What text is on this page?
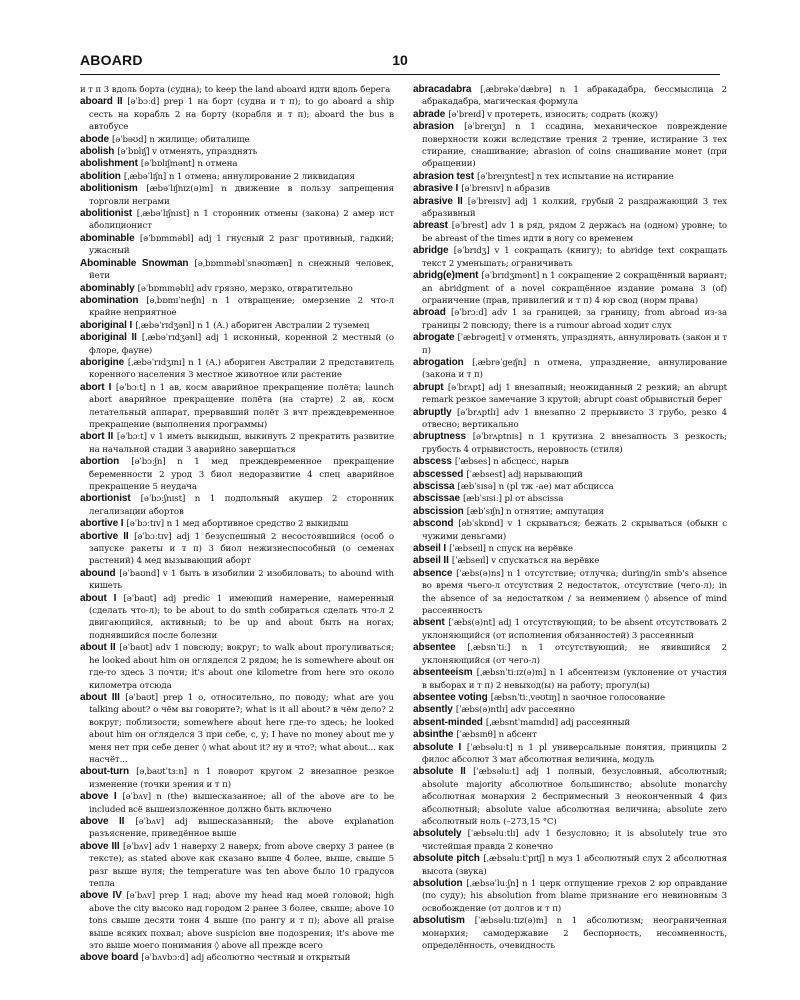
ABOARD	10

и т п 3 вдоль борта (судна); to keep the land aboard идти вдоль берега

aboard II [əˈbɔːd] prep 1 на борт (судна и т п); to go aboard a ship сесть на корабль 2 на борту (корабля и т п); aboard the bus в автобусе

abode [əˈbəʊd] n жилище; обиталище

abolish [əˈbɒlɪʃ] v отменять, упразднять

abolishment [əˈbɒlɪʃmənt] n отмена

abolition [ˌæbəˈlɪʃn] n 1 отмена; аннулирование 2 ликвидация

abolitionism [æbəˈlɪʃnɪz(ə)m] n движение в пользу запрещения торговли неграми

abolitionist [ˌæbəˈlɪʃnɪst] n 1 сторонник отмены (закона) 2 амер ист аболиционист

abominable [əˈbɒmɪnəbl] adj 1 гнусный 2 разг противный, гадкий; ужасный

Abominable Snowman [əˌbɒmɪnəblˈsnəʊmæn] n снежный человек, йети

abominably [əˈbɒmɪnəblɪ] adv грязно, мерзко, отвратительно

abomination [əˌbɒmɪˈneɪʃn] n 1 отвращение; омерзение 2 что-л крайне неприятное

aboriginal I [ˌæbəˈrɪdʒənl] n 1 (A.) абориген Австралии 2 туземец

aboriginal II [ˌæbəˈrɪdʒənl] adj 1 исконный, коренной 2 местный (о флоре, фауне)

aborigine [ˌæbəˈrɪdʒɪnɪ] n 1 (A.) абориген Австралии 2 представитель коренного населения 3 местное животное или растение

abort I [əˈbɔːt] n 1 ав, косм аварийное прекращение полёта; launch abort аварийное прекращение полёта (на старте) 2 ав, косм летательный аппарат, прервавший полёт 3 вчт преждевременное прекращение (выполнения программы)

abort II [əˈbɔːt] v 1 иметь выкидыш, выкинуть 2 прекратить развитие на начальной стадии 3 аварийно завершаться

abortion [əˈbɔːʃn] n 1 мед преждевременное прекращение беременности 2 урод 3 биол недоразвитие 4 спец аварийное прекращение 5 неудача

abortionist [əˈbɔːʃnɪst] n 1 подпольный акушер 2 сторонник легализации абортов

abortive I [əˈbɔːtɪv] n 1 мед абортивное средство 2 выкидыш

abortive II [əˈbɔːtɪv] adj 1 безуспешный 2 несостоявшийся (особ о запуске ракеты и т п) 3 биол нежизнеспособный (о семенах растений) 4 мед вызывающий аборт

abound [əˈbaʊnd] v 1 быть в изобилии 2 изобиловать; to abound with кишеть

about I [əˈbaʊt] adj predic 1 имеющий намерение, намеренный (сделать что-л); to be about to do smth собираться сделать что-л 2 двигающийся, активный; to be up and about быть на ногах; поднявшийся после болезни

about II [əˈbaʊt] adv 1 повсюду; вокруг; to walk about прогуливаться; he looked about him он огляделся 2 рядом; he is somewhere about он где-то здесь 3 почти; it's about one kilometre from here это около километра отсюда

about III [əˈbaʊt] prep 1 о, относительно, по поводу; what are you talking about? о чём вы говорите?; what is it all about? в чём дело? 2 вокруг; поблизости; somewhere about here где-то здесь; he looked about him он огляделся 3 при себе, с, у; I have no money about me у меня нет при себе денег ◊ what about it? ну и что?; what about... как насчёт...

about-turn [əˌbaʊtˈtɜːn] n 1 поворот кругом 2 внезапное резкое изменение (точки зрения и т п)

above I [əˈbʌv] n (the) вышесказанное; all of the above are to be included всё вышеизложенное должно быть включено

above II [əˈbʌv] adj вышесказанный; the above explanation разъяснение, приведённое выше

above III [əˈbʌv] adv 1 наверху 2 наверх; from above сверху 3 ранее (в тексте); as stated above как сказано выше 4 более, выше, свыше 5 разг выше нуля; the temperature was ten above было 10 градусов тепла

above IV [əˈbʌv] prep 1 над; above my head над моей головой; high above the city высоко над городом 2 ранее 3 более, свыше; above 10 tons свыше десяти тонн 4 выше (по рангу и т п); above all praise выше всяких похвал; above suspicion вне подозрения; it's above me это выше моего понимания ◊ above all прежде всего

above board [əˈbʌvbɔːd] adj абсолютно честный и открытый

abracadabra [ˌæbrəkəˈdæbrə] n 1 абракадабра, бессмыслица 2 абракадабра, магическая формула

abrade [əˈbreɪd] v протереть, износить; содрать (кожу)

abrasion [əˈbreɪʒn] n 1 ссадина, механическое повреждение поверхности кожи вследствие трения 2 трение, истирание 3 тех стирание, снашивание; abrasion of coins снашивание монет (при обращении)

abrasion test [əˈbreɪʒntest] n тех испытание на истирание

abrasive I [əˈbreɪsɪv] n абразив

abrasive II [əˈbreɪsɪv] adj 1 колкий, грубый 2 раздражающий 3 тех абразивный

abreast [əˈbrest] adv 1 в ряд, рядом 2 держась на (одном) уровне; to be abreast of the times идти в ногу со временем

abridge [əˈbrɪdʒ] v 1 сокращать (книгу); to abridge text сокращать текст 2 уменьшать; ограничивать

abridg(e)ment [əˈbrɪdʒmənt] n 1 сокращение 2 сокращённый вариант; an abridgment of a novel сокращённое издание романа 3 (of) ограничение (прав, привилегий и т п) 4 юр свод (норм права)

abroad [əˈbrɔːd] adv 1 за границей; за границу; from abroad из-за границы 2 повсюду; there is a rumour abroad ходит слух

abrogate [ˈæbrəgeɪt] v отменять, упразднять, аннулировать (закон и т п)

abrogation [ˌæbrəˈgeɪʃn] n отмена, упразднение, аннулирование (закона и т п)

abrupt [əˈbrʌpt] adj 1 внезапный; неожиданный 2 резкий; an abrupt remark резкое замечание 3 крутой; abrupt coast обрывистый берег

abruptly [əˈbrʌptlɪ] adv 1 внезапно 2 прерывисто 3 грубо, резко 4 отвесно; вертикально

abruptness [əˈbrʌptnɪs] n 1 крутизна 2 внезапность 3 резкость; грубость 4 отрывистость, неровность (стиля)

abscess [ˈæbses] n абсцесс, нарыв

abscessed [ˈæbsest] adj нарывающий

abscissa [æbˈsɪsə] n (pl тж -ae) мат абсцисса

abscissae [æbˈsɪsiː] pl от abscissa

abscission [æbˈsɪʃn] n отнятие; ампутация

abscond [əbˈskɒnd] v 1 скрываться; бежать 2 скрываться (обыкн с чужими деньгами)

abseil I [ˈæbseɪl] n спуск на верёвке

abseil II [ˈæbseɪl] v спускаться на верёвке

absence [ˈæbs(ə)ns] n 1 отсутствие; отлучка; during/in smb's absence во время чьего-л отсутствия 2 недостаток, отсутствие (чего-л); in the absence of за недостатком / за неимением ◊ absence of mind рассеянность

absent [ˈæbs(ə)nt] adj 1 отсутствующий; to be absent отсутствовать 2 уклоняющийся (от исполнения обязанностей) 3 рассеянный

absentee [ˌæbsnˈtiː] n 1 отсутствующий; не явившийся 2 уклоняющийся (от чего-л)

absenteeism [ˌæbsnˈtiːɪz(ə)m] n 1 абсентеизм (уклонение от участия в выборах и т п) 2 невыход(ы) на работу; прогул(ы)

absentee voting [æbsnˈtiːˌvəʊtɪŋ] n заочное голосование

absently [ˈæbs(ə)ntlɪ] adv рассеянно

absent-minded [ˌæbsntˈmaɪndɪd] adj рассеянный

absinthe [ˈæbsɪnθ] n абсент

absolute I [ˈæbsəluːt] n 1 pl универсальные понятия, принципы 2 филос абсолют 3 мат абсолютная величина, модуль

absolute II [ˈæbsəluːt] adj 1 полный, безусловный, абсолютный; absolute majority абсолютное большинство; absolute monarchy абсолютная монархия 2 беспримесный 3 неоконченный 4 физ абсолютный; absolute value абсолютная величина; absolute zero абсолютный ноль (–273,15 °C)

absolutely [ˈæbsəluːtlɪ] adv 1 безусловно; it is absolutely true это чистейшая правда 2 конечно

absolute pitch [ˌæbsəluːtˈpɪtʃ] n муз 1 абсолютный слух 2 абсолютная высота (звука)

absolution [ˌæbsəˈluːʃn] n 1 церк отпущение грехов 2 юр оправдание (по суду); his absolution from blame признание его невиновным 3 освобождение (от долгов и т п)

absolutism [ˈæbsəluːtɪz(ə)m] n 1 абсолютизм; неограниченная монархия; самодержавие 2 беспорность, несомненность, определённость, очевидность
